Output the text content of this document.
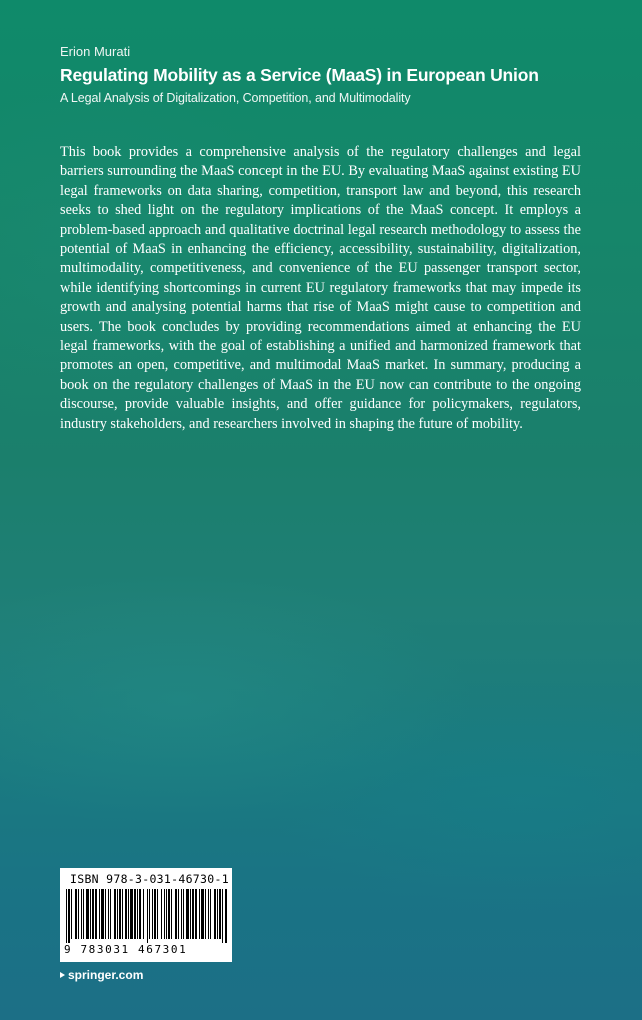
Erion Murati

Regulating Mobility as a Service (MaaS) in European Union

A Legal Analysis of Digitalization, Competition, and Multimodality

This book provides a comprehensive analysis of the regulatory challenges and legal barriers surrounding the MaaS concept in the EU. By evaluating MaaS against existing EU legal frameworks on data sharing, competition, transport law and beyond, this research seeks to shed light on the regulatory implications of the MaaS concept. It employs a problem-based approach and qualitative doctrinal legal research methodology to assess the potential of MaaS in enhancing the efficiency, accessibility, sustainability, digitalization, multimodality, competitiveness, and convenience of the EU passenger transport sector, while identifying shortcomings in current EU regulatory frameworks that may impede its growth and analysing potential harms that rise of MaaS might cause to competition and users. The book concludes by providing recommendations aimed at enhancing the EU legal frameworks, with the goal of establishing a unified and harmonized framework that promotes an open, competitive, and multimodal MaaS market. In summary, producing a book on the regulatory challenges of MaaS in the EU now can contribute to the ongoing discourse, provide valuable insights, and offer guidance for policymakers, regulators, industry stakeholders, and researchers involved in shaping the future of mobility.

ISBN 978-3-031-46730-1
9 783031 467301
springer.com
